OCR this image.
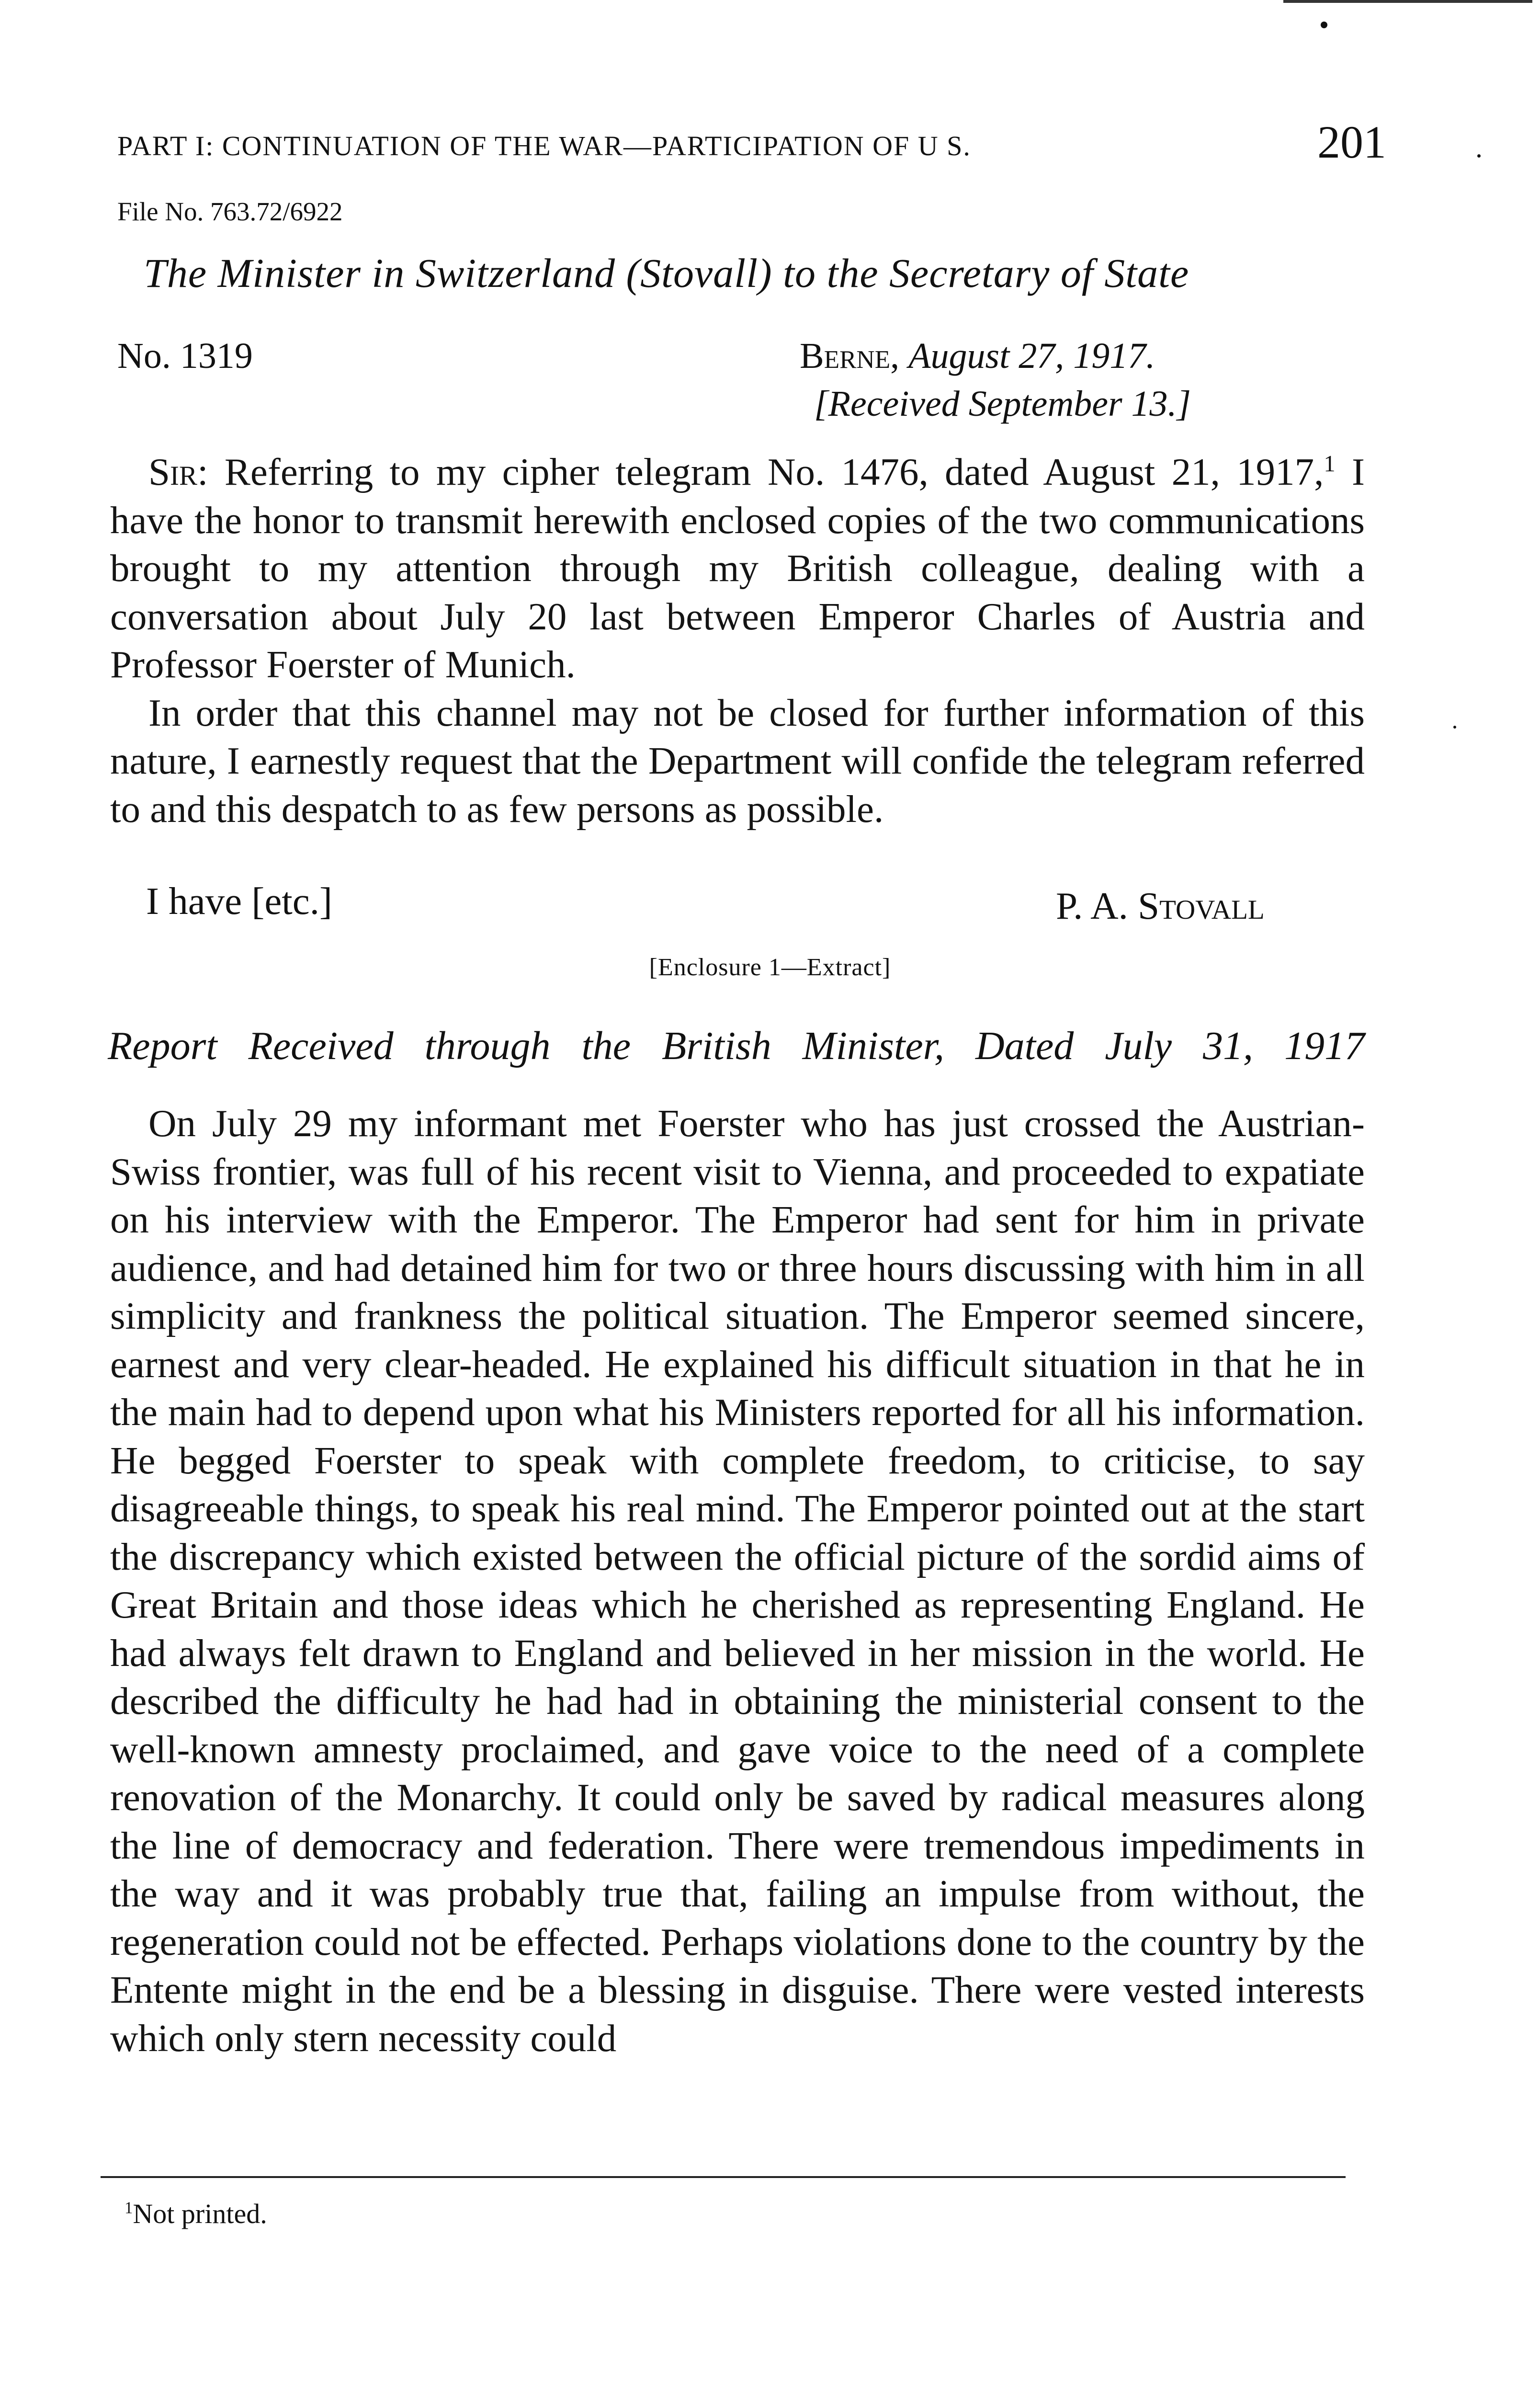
PART I: CONTINUATION OF THE WAR—PARTICIPATION OF U S.	201
File No. 763.72/6922
The Minister in Switzerland (Stovall) to the Secretary of State
No. 1319	Berne, August 27, 1917.
[Received September 13.]

Sir: Referring to my cipher telegram No. 1476, dated August 21, 1917,$^1$ I have the honor to transmit herewith enclosed copies of the two communications brought to my attention through my British colleague, dealing with a conversation about July 20 last between Emperor Charles of Austria and Professor Foerster of Munich.

In order that this channel may not be closed for further information of this nature, I earnestly request that the Department will confide the telegram referred to and this despatch to as few persons as possible.

I have [etc.]	P. A. Stovall
[Enclosure 1—Extract]
Report Received through the British Minister, Dated July 31, 1917

On July 29 my informant met Foerster who has just crossed the Austrian-Swiss frontier, was full of his recent visit to Vienna, and proceeded to expatiate on his interview with the Emperor. The Emperor had sent for him in private audience, and had detained him for two or three hours discussing with him in all simplicity and frankness the political situation. The Emperor seemed sincere, earnest and very clear-headed. He explained his difficult situation in that he in the main had to depend upon what his Ministers reported for all his information. He begged Foerster to speak with complete freedom, to criticise, to say disagreeable things, to speak his real mind. The Emperor pointed out at the start the discrepancy which existed between the official picture of the sordid aims of Great Britain and those ideas which he cherished as representing England. He had always felt drawn to England and believed in her mission in the world. He described the difficulty he had had in obtaining the ministerial consent to the well-known amnesty proclaimed, and gave voice to the need of a complete renovation of the Monarchy. It could only be saved by radical measures along the line of democracy and federation. There were tremendous impediments in the way and it was probably true that, failing an impulse from without, the regeneration could not be effected. Perhaps violations done to the country by the Entente might in the end be a blessing in disguise. There were vested interests which only stern necessity could

$^1$Not printed.
